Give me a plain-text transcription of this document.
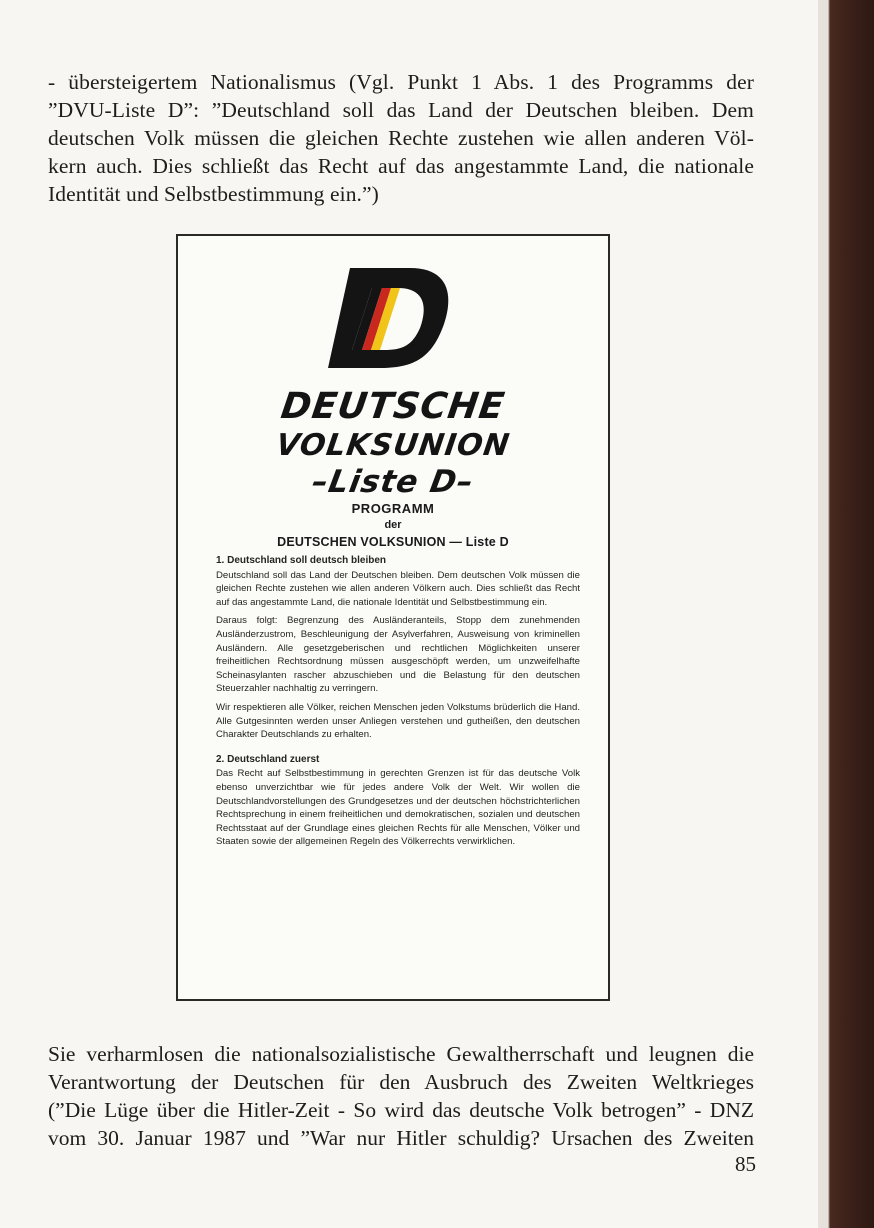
- übersteigertem Nationalismus (Vgl. Punkt 1 Abs. 1 des Programms der
”DVU-Liste D”: ”Deutschland soll das Land der Deutschen bleiben. Dem
deutschen Volk müssen die gleichen Rechte zustehen wie allen anderen Völ-
kern auch. Dies schließt das Recht auf das angestammte Land, die nationale
Identität und Selbstbestimmung ein.”)
DEUTSCHE
VOLKSUNION
–Liste D–
PROGRAMM
der
DEUTSCHEN VOLKSUNION — Liste D
1. Deutschland soll deutsch bleiben

Deutschland soll das Land der Deutschen bleiben. Dem deutschen Volk müssen die gleichen Rechte zustehen wie allen anderen Völkern auch. Dies schließt das Recht auf das angestammte Land, die nationale Identität und Selbstbestimmung ein.

Daraus folgt: Begrenzung des Ausländeranteils, Stopp dem zunehmenden Ausländerzustrom, Beschleunigung der Asylverfahren, Ausweisung von kriminellen Ausländern. Alle gesetzgeberischen und rechtlichen Möglichkeiten unserer freiheitlichen Rechtsordnung müssen ausgeschöpft werden, um unzweifelhafte Scheinasylanten rascher abzuschieben und die Belastung für den deutschen Steuerzahler nachhaltig zu verringern.

Wir respektieren alle Völker, reichen Menschen jeden Volkstums brüderlich die Hand. Alle Gutgesinnten werden unser Anliegen verstehen und gutheißen, den deutschen Charakter Deutschlands zu erhalten.

2. Deutschland zuerst

Das Recht auf Selbstbestimmung in gerechten Grenzen ist für das deutsche Volk ebenso unverzichtbar wie für jedes andere Volk der Welt. Wir wollen die Deutschlandvorstellungen des Grundgesetzes und der deutschen höchstrichterlichen Rechtsprechung in einem freiheitlichen und demokratischen, sozialen und deutschen Rechtsstaat auf der Grundlage eines gleichen Rechts für alle Menschen, Völker und Staaten sowie der allgemeinen Regeln des Völkerrechts verwirklichen.

Sie verharmlosen die nationalsozialistische Gewaltherrschaft und leugnen die
Verantwortung der Deutschen für den Ausbruch des Zweiten Weltkrieges
(”Die Lüge über die Hitler-Zeit - So wird das deutsche Volk betrogen” - DNZ
vom 30. Januar 1987 und ”War nur Hitler schuldig? Ursachen des Zweiten
85
